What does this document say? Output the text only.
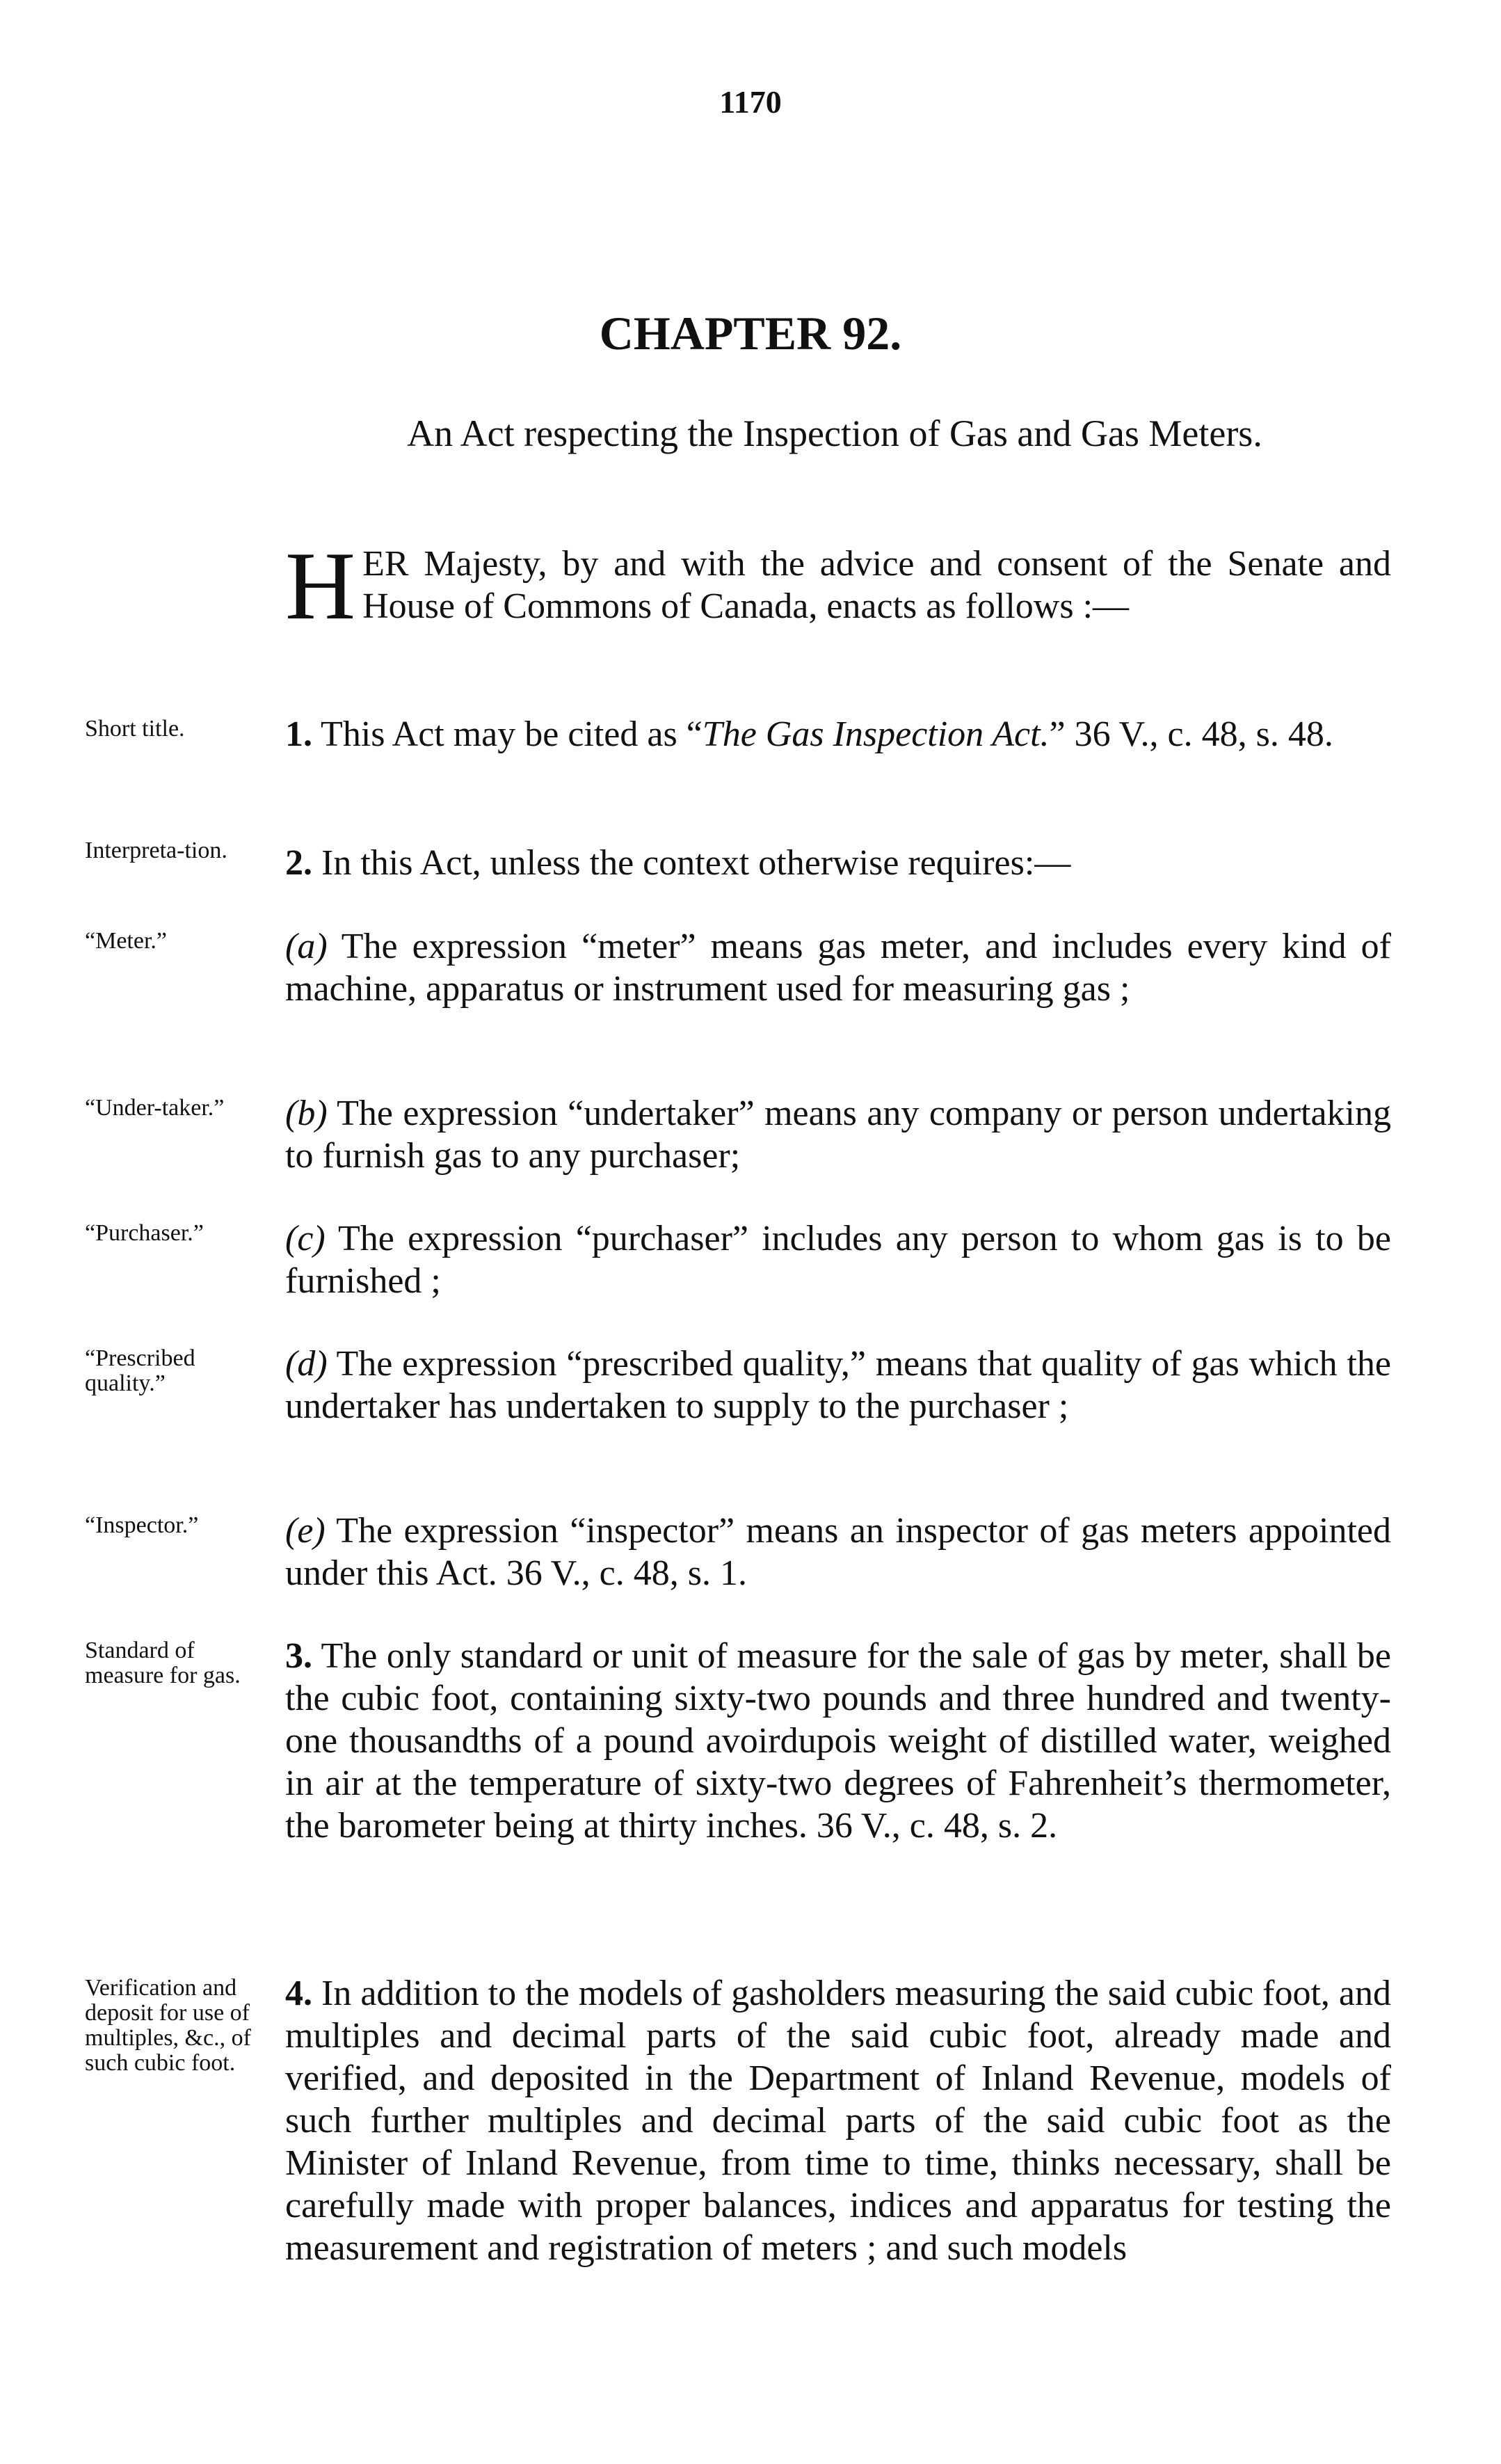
1170
CHAPTER 92.
An Act respecting the Inspection of Gas and Gas Meters.
H ER Majesty, by and with the advice and consent of the Senate and House of Commons of Canada, enacts as follows :—
Short title.	1. This Act may be cited as “The Gas Inspection Act.” 36 V., c. 48, s. 48.
Interpreta-tion.	2. In this Act, unless the context otherwise requires:—
“Meter.”	(a) The expression “meter” means gas meter, and includes every kind of machine, apparatus or instrument used for measuring gas ;
“Under-taker.”	(b) The expression “undertaker” means any company or person undertaking to furnish gas to any purchaser;
“Purchaser.”	(c) The expression “purchaser” includes any person to whom gas is to be furnished ;
“Prescribed quality.”	(d) The expression “prescribed quality,” means that quality of gas which the undertaker has undertaken to supply to the purchaser ;
“Inspector.”	(e) The expression “inspector” means an inspector of gas meters appointed under this Act. 36 V., c. 48, s. 1.
Standard of measure for gas.	3. The only standard or unit of measure for the sale of gas by meter, shall be the cubic foot, containing sixty-two pounds and three hundred and twenty-one thousandths of a pound avoirdupois weight of distilled water, weighed in air at the temperature of sixty-two degrees of Fahrenheit’s thermometer, the barometer being at thirty inches. 36 V., c. 48, s. 2.
Verification and deposit for use of multiples, &c., of such cubic foot.
4. In addition to the models of gasholders measuring the said cubic foot, and multiples and decimal parts of the said cubic foot, already made and verified, and deposited in the Department of Inland Revenue, models of such further multiples and decimal parts of the said cubic foot as the Minister of Inland Revenue, from time to time, thinks necessary, shall be carefully made with proper balances, indices and apparatus for testing the measurement and registration of meters ; and such models
